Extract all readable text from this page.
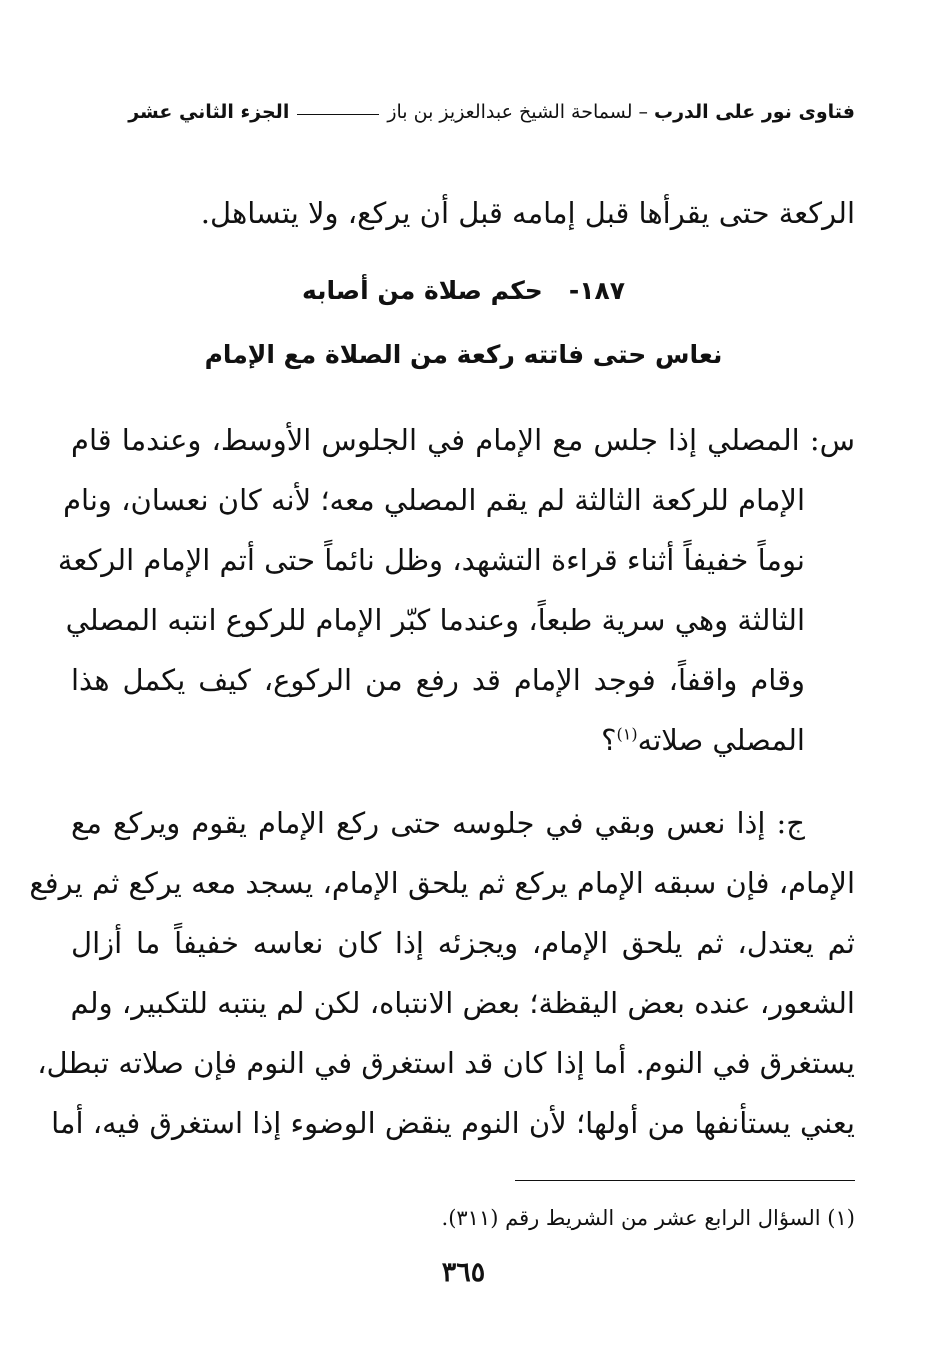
فتاوى نور على الدرب
–
لسماحة الشيخ عبدالعزيز بن باز
الجزء الثاني عشر
الركعة حتى يقرأها قبل إمامه قبل أن يركع، ولا يتساهل.
١٨٧-حكم صلاة من أصابه
نعاس حتى فاتته ركعة من الصلاة مع الإمام
س: المصلي إذا جلس مع الإمام في الجلوس الأوسط، وعندما قام
الإمام للركعة الثالثة لم يقم المصلي معه؛ لأنه كان نعسان، ونام
نوماً خفيفاً أثناء قراءة التشهد، وظل نائماً حتى أتم الإمام الركعة
الثالثة وهي سرية طبعاً، وعندما كبّر الإمام للركوع انتبه المصلي
وقام واقفاً، فوجد الإمام قد رفع من الركوع، كيف يكمل هذا
المصلي صلاته$^{(١)}$؟
ج: إذا نعس وبقي في جلوسه حتى ركع الإمام يقوم ويركع مع
الإمام، فإن سبقه الإمام يركع ثم يلحق الإمام، يسجد معه يركع ثم يرفع
ثم يعتدل، ثم يلحق الإمام، ويجزئه إذا كان نعاسه خفيفاً ما أزال
الشعور، عنده بعض اليقظة؛ بعض الانتباه، لكن لم ينتبه للتكبير، ولم
يستغرق في النوم. أما إذا كان قد استغرق في النوم فإن صلاته تبطل،
يعني يستأنفها من أولها؛ لأن النوم ينقض الوضوء إذا استغرق فيه، أما
(١) السؤال الرابع عشر من الشريط رقم (٣١١).
٣٦٥
